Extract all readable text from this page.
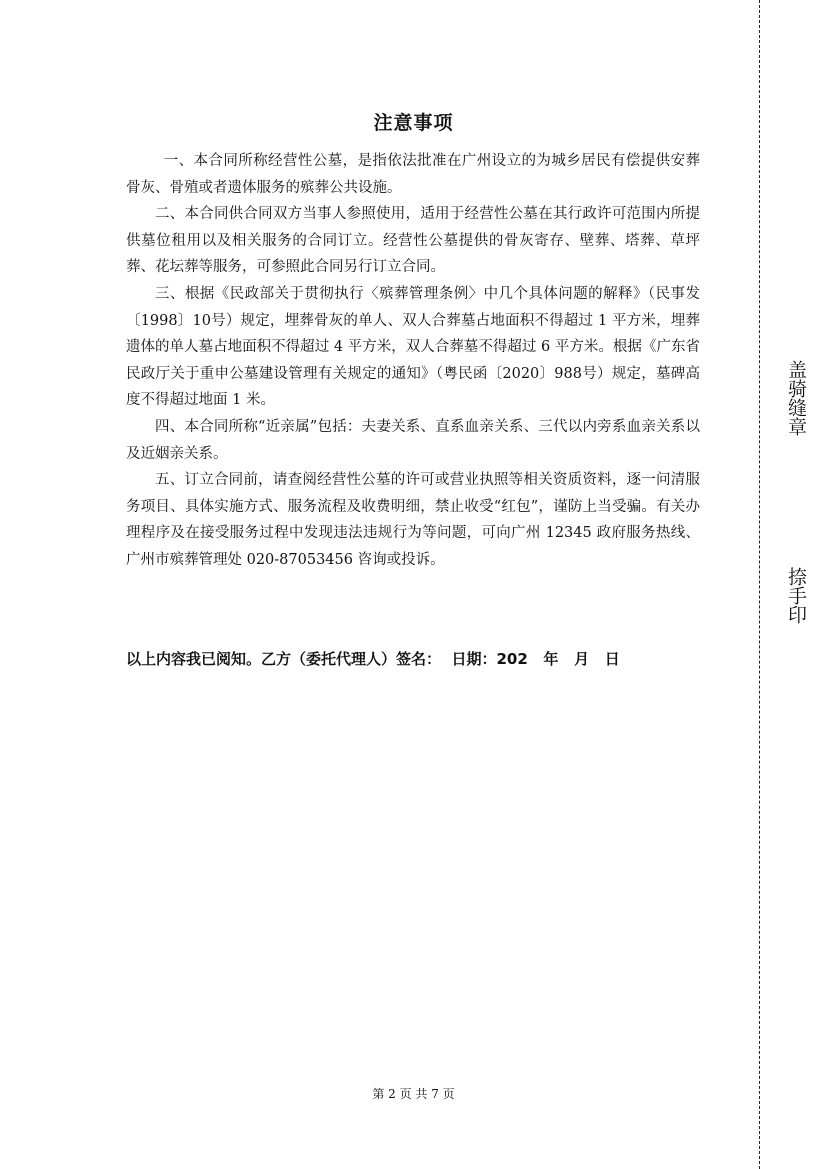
注意事项

一、本合同所称经营性公墓，是指依法批准在广州设立的为城乡居民有偿提供安葬骨灰、骨殖或者遗体服务的殡葬公共设施。

二、本合同供合同双方当事人参照使用，适用于经营性公墓在其行政许可范围内所提供墓位租用以及相关服务的合同订立。经营性公墓提供的骨灰寄存、壁葬、塔葬、草坪葬、花坛葬等服务，可参照此合同另行订立合同。

三、根据《民政部关于贯彻执行〈殡葬管理条例〉中几个具体问题的解释》（民事发〔1998〕10号）规定，埋葬骨灰的单人、双人合葬墓占地面积不得超过 1 平方米，埋葬遗体的单人墓占地面积不得超过 4 平方米，双人合葬墓不得超过 6 平方米。根据《广东省民政厅关于重申公墓建设管理有关规定的通知》（粤民函〔2020〕988号）规定，墓碑高度不得超过地面 1 米。

四、本合同所称“近亲属”包括：夫妻关系、直系血亲关系、三代以内旁系血亲关系以及近姻亲关系。

五、订立合同前，请查阅经营性公墓的许可或营业执照等相关资质资料，逐一问清服务项目、具体实施方式、服务流程及收费明细，禁止收受“红包”，谨防上当受骗。有关办理程序及在接受服务过程中发现违法违规行为等问题，可向广州 12345 政府服务热线、广州市殡葬管理处 020-87053456 咨询或投诉。

以上内容我已阅知。乙方（委托代理人）签名：  日期：202   年   月   日
第 2 页 共 7 页
盖骑缝章
捺手印
